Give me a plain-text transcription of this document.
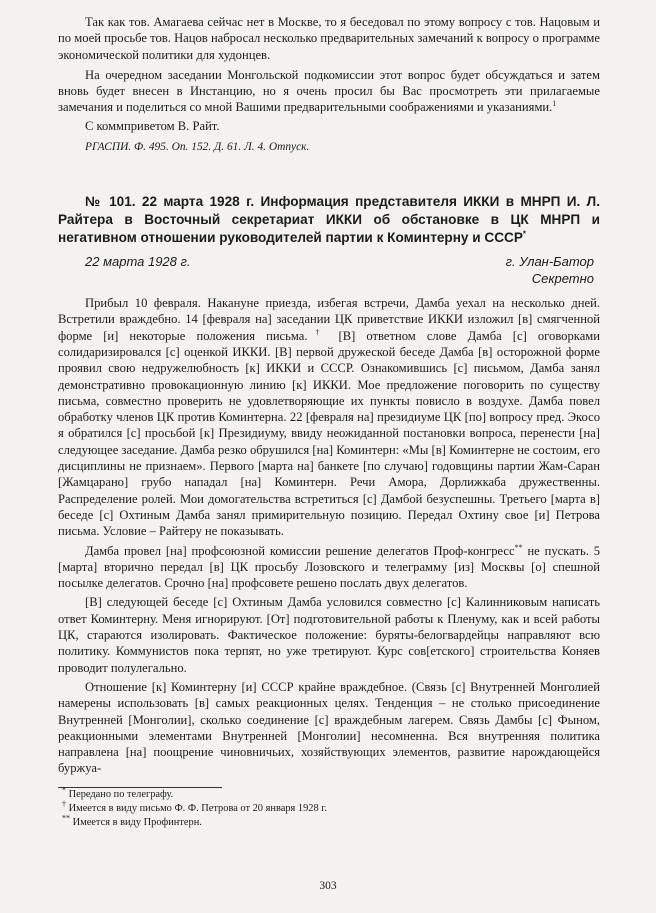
Так как тов. Амагаева сейчас нет в Москве, то я беседовал по этому вопросу с тов. Нацовым и по моей просьбе тов. Нацов набросал несколько предварительных замечаний к вопросу о программе экономической политики для худонцев.

На очередном заседании Монгольской подкомиссии этот вопрос будет обсуждаться и затем вновь будет внесен в Инстанцию, но я очень просил бы Вас просмотреть эти прилагаемые замечания и поделиться со мной Вашими предварительными соображениями и указаниями.$^1$

С коммприветом В. Райт.

РГАСПИ. Ф. 495. Оп. 152. Д. 61. Л. 4. Отпуск.

№ 101. 22 марта 1928 г. Информация представителя ИККИ в МНРП И. Л. Райтера в Восточный секретариат ИККИ об обстановке в ЦК МНРП и негативном отношении руководителей партии к Коминтерну и СССР*

22 марта 1928 г.	г. Улан-Батор
Секретно

Прибыл 10 февраля. Накануне приезда, избегая встречи, Дамба уехал на несколько дней. Встретили враждебно. 14 [февраля на] заседании ЦК приветствие ИККИ изложил [в] смягченной форме [и] некоторые положения письма.† [В] ответном слове Дамба [с] оговорками солидаризировался [с] оценкой ИККИ. [В] первой дружеской беседе Дамба [в] осторожной форме проявил свою недружелюбность [к] ИККИ и СССР. Ознакомившись [с] письмом, Дамба занял демонстративно провокационную линию [к] ИККИ. Мое предложение поговорить по существу письма, совместно проверить не удовлетворяющие их пункты повисло в воздухе. Дамба повел обработку членов ЦК против Коминтерна. 22 [февраля на] президиуме ЦК [по] вопросу пред. Экосо я обратился [с] просьбой [к] Президиуму, ввиду неожиданной постановки вопроса, перенести [на] следующее заседание. Дамба резко обрушился [на] Коминтерн: «Мы [в] Коминтерне не состоим, его дисциплины не признаем». Первого [марта на] банкете [по случаю] годовщины партии Жам-Саран [Жамцарано] грубо нападал [на] Коминтерн. Речи Амора, Дорлижкаба дружественны. Распределение ролей. Мои домогательства встретиться [с] Дамбой безуспешны. Третьего [марта в] беседе [с] Охтиным Дамба занял примирительную позицию. Передал Охтину свое [и] Петрова письма. Условие – Райтеру не показывать.

Дамба провел [на] профсоюзной комиссии решение делегатов Проф-конгресс** не пускать. 5 [марта] вторично передал [в] ЦК просьбу Лозовского и телеграмму [из] Москвы [о] спешной посылке делегатов. Срочно [на] профсовете решено послать двух делегатов.

[В] следующей беседе [с] Охтиным Дамба условился совместно [с] Калинниковым написать ответ Коминтерну. Меня игнорируют. [От] подготовительной работы к Пленуму, как и всей работы ЦК, стараются изолировать. Фактическое положение: буряты-белогвардейцы направляют всю политику. Коммунистов пока терпят, но уже третируют. Курс сов[етского] строительства Коняев проводит полулегально.

Отношение [к] Коминтерну [и] СССР крайне враждебное. (Связь [с] Внутренней Монголией намерены использовать [в] самых реакционных целях. Тенденция – не столько присоединение Внутренней [Монголии], сколько соединение [с] враждебным лагерем. Связь Дамбы [с] Фыном, реакционными элементами Внутренней [Монголии] несомненна. Вся внутренняя политика направлена [на] поощрение чиновничьих, хозяйствующих элементов, развитие нарождающейся буржуа-

* Передано по телеграфу.
† Имеется в виду письмо Ф. Ф. Петрова от 20 января 1928 г.
** Имеется в виду Профинтерн.
303
